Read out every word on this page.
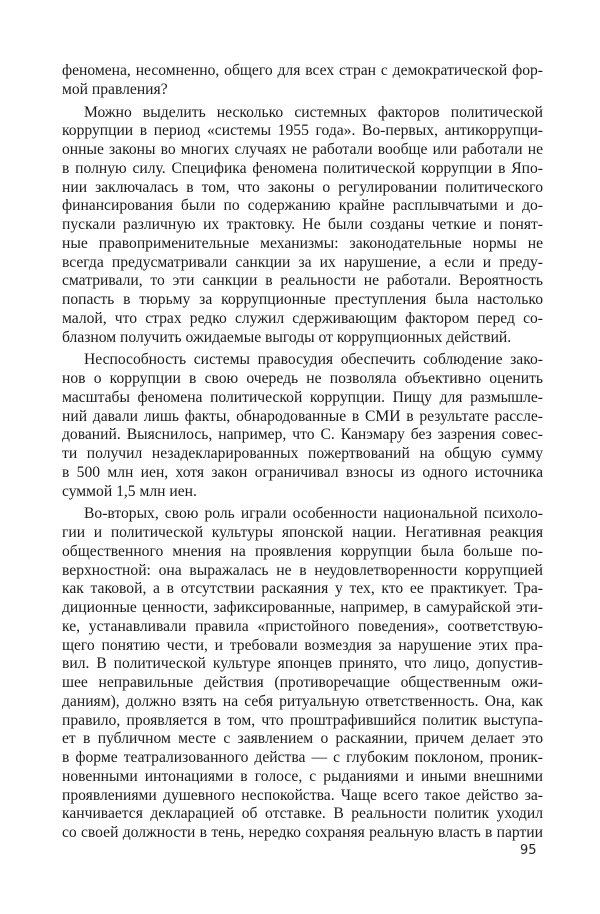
феномена, несомненно, общего для всех стран с демократической фор-
мой правления?
Можно выделить несколько системных факторов политической
коррупции в период «системы 1955 года». Во-первых, антикоррупци-
онные законы во многих случаях не работали вообще или работали не
в полную силу. Специфика феномена политической коррупции в Япо-
нии заключалась в том, что законы о регулировании политического
финансирования были по содержанию крайне расплывчатыми и до-
пускали различную их трактовку. Не были созданы четкие и понят-
ные правоприменительные механизмы: законодательные нормы не
всегда предусматривали санкции за их нарушение, а если и преду-
сматривали, то эти санкции в реальности не работали. Вероятность
попасть в тюрьму за коррупционные преступления была настолько
малой, что страх редко служил сдерживающим фактором перед со-
блазном получить ожидаемые выгоды от коррупционных действий.
Неспособность системы правосудия обеспечить соблюдение зако-
нов о коррупции в свою очередь не позволяла объективно оценить
масштабы феномена политической коррупции. Пищу для размышле-
ний давали лишь факты, обнародованные в СМИ в результате рассле-
дований. Выяснилось, например, что С. Канэмару без зазрения совес-
ти получил незадекларированных пожертвований на общую сумму
в 500 млн иен, хотя закон ограничивал взносы из одного источника
суммой 1,5 млн иен.
Во-вторых, свою роль играли особенности национальной психоло-
гии и политической культуры японской нации. Негативная реакция
общественного мнения на проявления коррупции была больше по-
верхностной: она выражалась не в неудовлетворенности коррупцией
как таковой, а в отсутствии раскаяния у тех, кто ее практикует. Тра-
диционные ценности, зафиксированные, например, в самурайской эти-
ке, устанавливали правила «пристойного поведения», соответствую-
щего понятию чести, и требовали возмездия за нарушение этих пра-
вил. В политической культуре японцев принято, что лицо, допустив-
шее неправильные действия (противоречащие общественным ожи-
даниям), должно взять на себя ритуальную ответственность. Она, как
правило, проявляется в том, что проштрафившийся политик выступа-
ет в публичном месте с заявлением о раскаянии, причем делает это
в форме театрализованного действа — с глубоким поклоном, проник-
новенными интонациями в голосе, с рыданиями и иными внешними
проявлениями душевного неспокойства. Чаще всего такое действо за-
канчивается декларацией об отставке. В реальности политик уходил
со своей должности в тень, нередко сохраняя реальную власть в партии
95
